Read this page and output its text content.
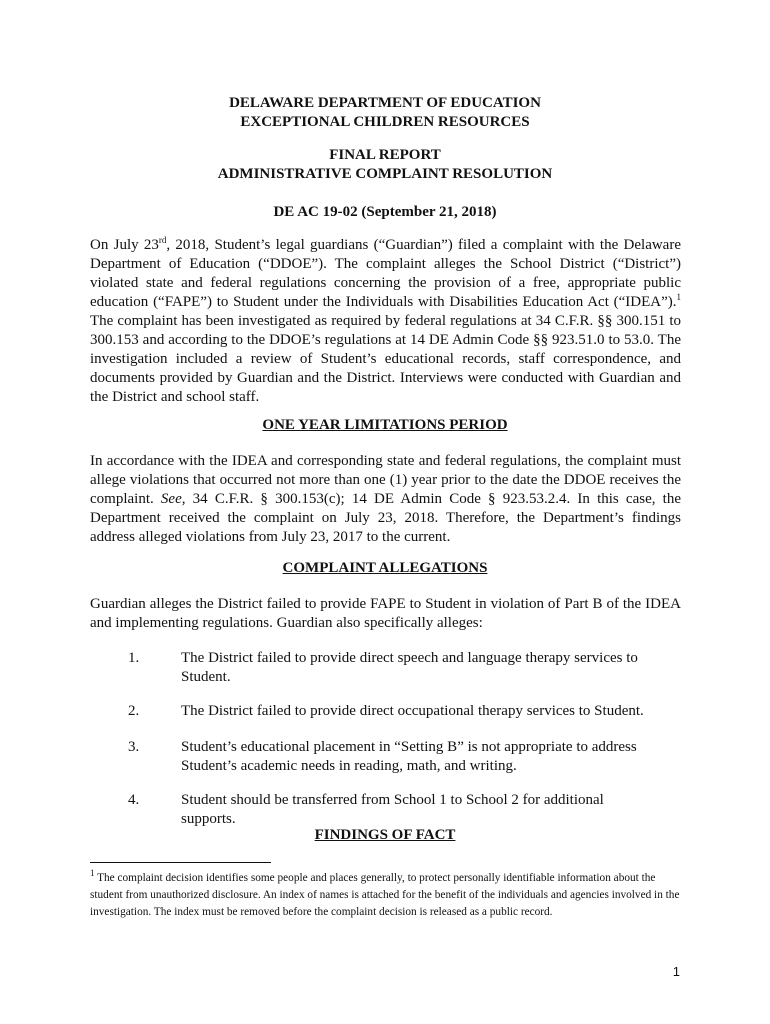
DELAWARE DEPARTMENT OF EDUCATION
EXCEPTIONAL CHILDREN RESOURCES
FINAL REPORT
ADMINISTRATIVE COMPLAINT RESOLUTION
DE AC 19-02 (September 21, 2018)
On July 23rd, 2018, Student’s legal guardians (“Guardian”) filed a complaint with the Delaware Department of Education (“DDOE”). The complaint alleges the School District (“District”) violated state and federal regulations concerning the provision of a free, appropriate public education (“FAPE”) to Student under the Individuals with Disabilities Education Act (“IDEA”).$^1$ The complaint has been investigated as required by federal regulations at 34 C.F.R. §§ 300.151 to 300.153 and according to the DDOE’s regulations at 14 DE Admin Code §§ 923.51.0 to 53.0. The investigation included a review of Student’s educational records, staff correspondence, and documents provided by Guardian and the District. Interviews were conducted with Guardian and the District and school staff.
ONE YEAR LIMITATIONS PERIOD
In accordance with the IDEA and corresponding state and federal regulations, the complaint must allege violations that occurred not more than one (1) year prior to the date the DDOE receives the complaint. See, 34 C.F.R. § 300.153(c); 14 DE Admin Code § 923.53.2.4. In this case, the Department received the complaint on July 23, 2018. Therefore, the Department’s findings address alleged violations from July 23, 2017 to the current.
COMPLAINT ALLEGATIONS
Guardian alleges the District failed to provide FAPE to Student in violation of Part B of the IDEA and implementing regulations. Guardian also specifically alleges:
1.	The District failed to provide direct speech and language therapy services to Student.
2.	The District failed to provide direct occupational therapy services to Student.
3.	Student’s educational placement in “Setting B” is not appropriate to address Student’s academic needs in reading, math, and writing.
4.	Student should be transferred from School 1 to School 2 for additional supports.
FINDINGS OF FACT
$^1$ The complaint decision identifies some people and places generally, to protect personally identifiable information about the student from unauthorized disclosure. An index of names is attached for the benefit of the individuals and agencies involved in the investigation. The index must be removed before the complaint decision is released as a public record.
1
